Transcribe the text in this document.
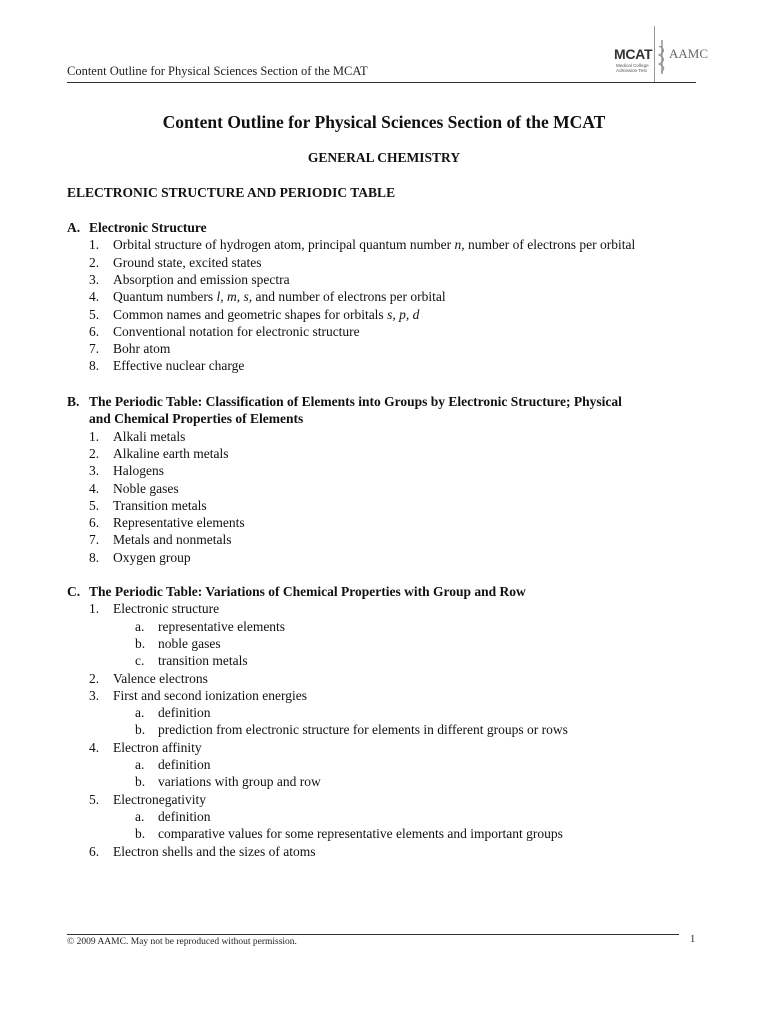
Content Outline for Physical Sciences Section of the MCAT
MCAT
Medical College
Admission Test
AAMC
Content Outline for Physical Sciences Section of the MCAT
GENERAL CHEMISTRY
ELECTRONIC STRUCTURE AND PERIODIC TABLE
A. Electronic Structure
1. Orbital structure of hydrogen atom, principal quantum number n, number of electrons per orbital
2. Ground state, excited states
3. Absorption and emission spectra
4. Quantum numbers l, m, s, and number of electrons per orbital
5. Common names and geometric shapes for orbitals s, p, d
6. Conventional notation for electronic structure
7. Bohr atom
8. Effective nuclear charge
B. The Periodic Table: Classification of Elements into Groups by Electronic Structure; Physical
and Chemical Properties of Elements
1. Alkali metals
2. Alkaline earth metals
3. Halogens
4. Noble gases
5. Transition metals
6. Representative elements
7. Metals and nonmetals
8. Oxygen group
C. The Periodic Table: Variations of Chemical Properties with Group and Row
1. Electronic structure
a. representative elements
b. noble gases
c. transition metals
2. Valence electrons
3. First and second ionization energies
a. definition
b. prediction from electronic structure for elements in different groups or rows
4. Electron affinity
a. definition
b. variations with group and row
5. Electronegativity
a. definition
b. comparative values for some representative elements and important groups
6. Electron shells and the sizes of atoms
© 2009 AAMC. May not be reproduced without permission.	1
